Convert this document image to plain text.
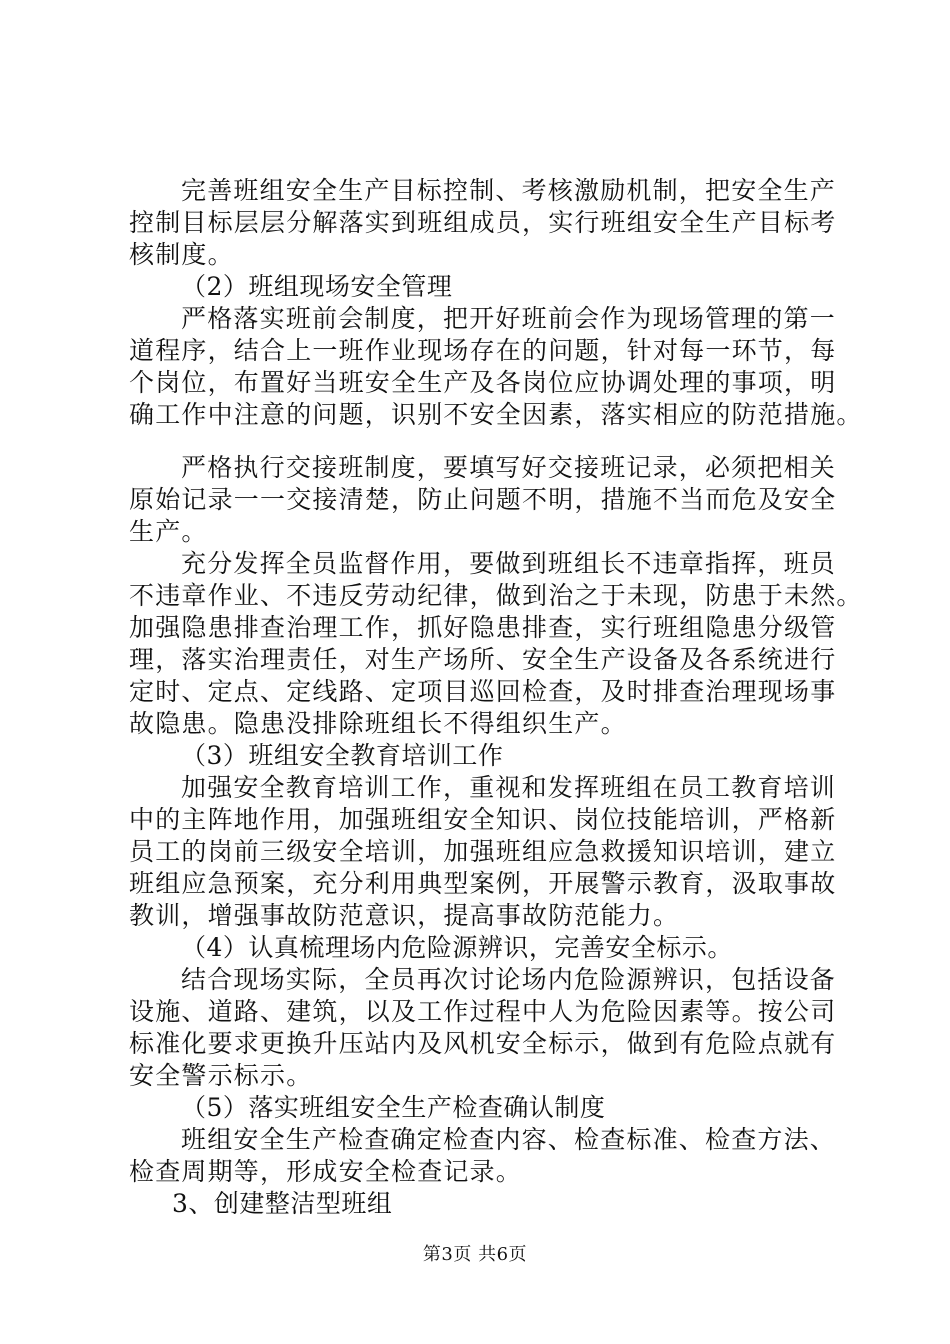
完善班组安全生产目标控制、考核激励机制，把安全生产
控制目标层层分解落实到班组成员，实行班组安全生产目标考
核制度。
（2）班组现场安全管理
严格落实班前会制度，把开好班前会作为现场管理的第一
道程序，结合上一班作业现场存在的问题，针对每一环节，每
个岗位，布置好当班安全生产及各岗位应协调处理的事项，明
确工作中注意的问题，识别不安全因素，落实相应的防范措施。
严格执行交接班制度，要填写好交接班记录，必须把相关
原始记录一一交接清楚，防止问题不明，措施不当而危及安全
生产。
充分发挥全员监督作用，要做到班组长不违章指挥，班员
不违章作业、不违反劳动纪律，做到治之于未现，防患于未然。
加强隐患排查治理工作，抓好隐患排查，实行班组隐患分级管
理，落实治理责任，对生产场所、安全生产设备及各系统进行
定时、定点、定线路、定项目巡回检查，及时排查治理现场事
故隐患。隐患没排除班组长不得组织生产。
（3）班组安全教育培训工作
加强安全教育培训工作，重视和发挥班组在员工教育培训
中的主阵地作用，加强班组安全知识、岗位技能培训，严格新
员工的岗前三级安全培训，加强班组应急救援知识培训，建立
班组应急预案，充分利用典型案例，开展警示教育，汲取事故
教训，增强事故防范意识，提高事故防范能力。
（4）认真梳理场内危险源辨识，完善安全标示。
结合现场实际，全员再次讨论场内危险源辨识，包括设备
设施、道路、建筑，以及工作过程中人为危险因素等。按公司
标准化要求更换升压站内及风机安全标示，做到有危险点就有
安全警示标示。
（5）落实班组安全生产检查确认制度
班组安全生产检查确定检查内容、检查标准、检查方法、
检查周期等，形成安全检查记录。
3、创建整洁型班组
第3页 共6页
